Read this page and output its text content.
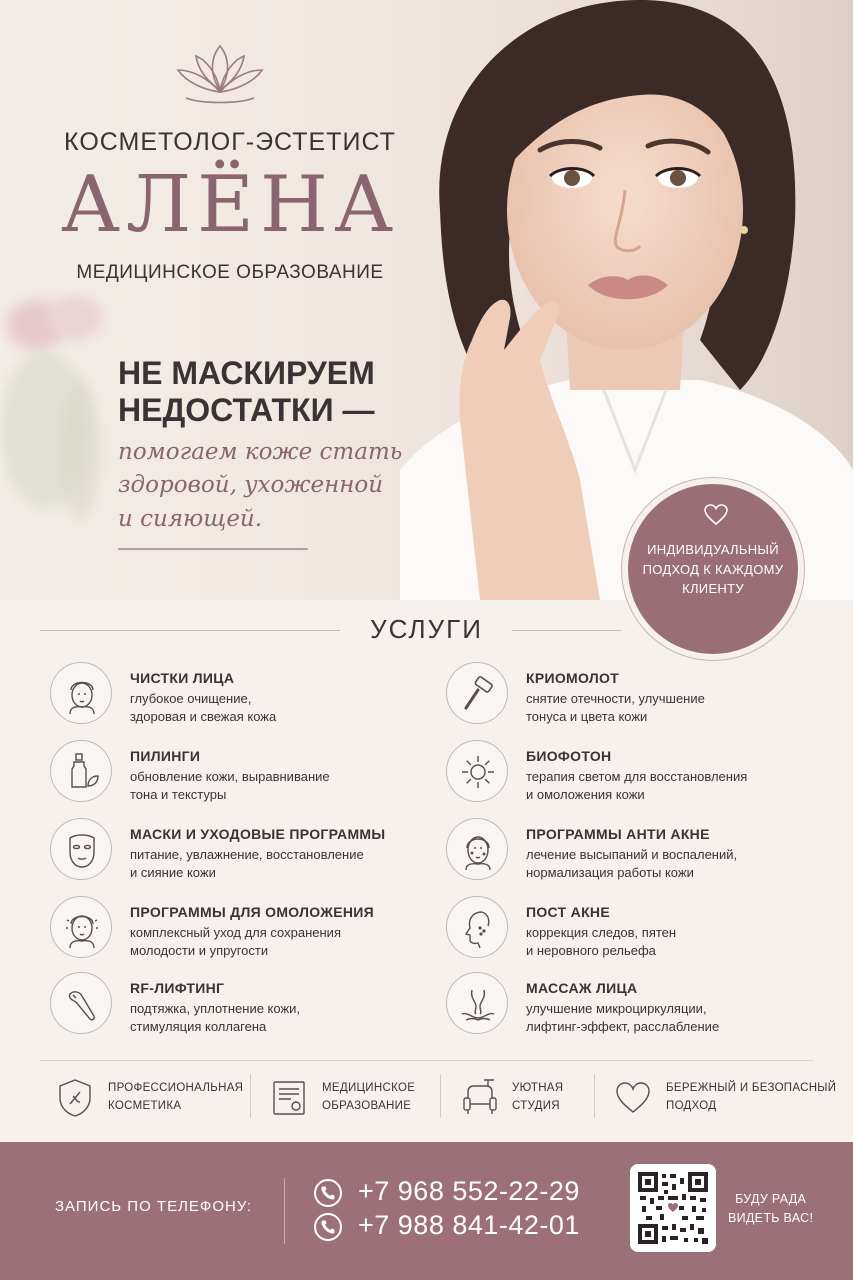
КОСМЕТОЛОГ-ЭСТЕТИСТ
АЛЁНА
МЕДИЦИНСКОЕ ОБРАЗОВАНИЕ
НЕ МАСКИРУЕМ
НЕДОСТАТКИ —
помогаем коже стать
здоровой, ухоженной
и сияющей.
ИНДИВИДУАЛЬНЫЙ
ПОДХОД К КАЖДОМУ
КЛИЕНТУ
УСЛУГИ
ЧИСТКИ ЛИЦА
глубокое очищение,
здоровая и свежая кожа
КРИОМОЛОТ
снятие отечности, улучшение
тонуса и цвета кожи
ПИЛИНГИ
обновление кожи, выравнивание
тона и текстуры
БИОФОТОН
терапия светом для восстановления
и омоложения кожи
МАСКИ И УХОДОВЫЕ ПРОГРАММЫ
питание, увлажнение, восстановление
и сияние кожи
ПРОГРАММЫ АНТИ АКНЕ
лечение высыпаний и воспалений,
нормализация работы кожи
ПРОГРАММЫ ДЛЯ ОМОЛОЖЕНИЯ
комплексный уход для сохранения
молодости и упругости
ПОСТ АКНЕ
коррекция следов, пятен
и неровного рельефа
RF-ЛИФТИНГ
подтяжка, уплотнение кожи,
стимуляция коллагена
МАССАЖ ЛИЦА
улучшение микроциркуляции,
лифтинг-эффект, расслабление
ПРОФЕССИОНАЛЬНАЯ
КОСМЕТИКА
МЕДИЦИНСКОЕ
ОБРАЗОВАНИЕ
УЮТНАЯ
СТУДИЯ
БЕРЕЖНЫЙ И БЕЗОПАСНЫЙ
ПОДХОД
ЗАПИСЬ ПО ТЕЛЕФОНУ:
+7 968 552-22-29
+7 988 841-42-01
БУДУ РАДА
ВИДЕТЬ ВАС!
